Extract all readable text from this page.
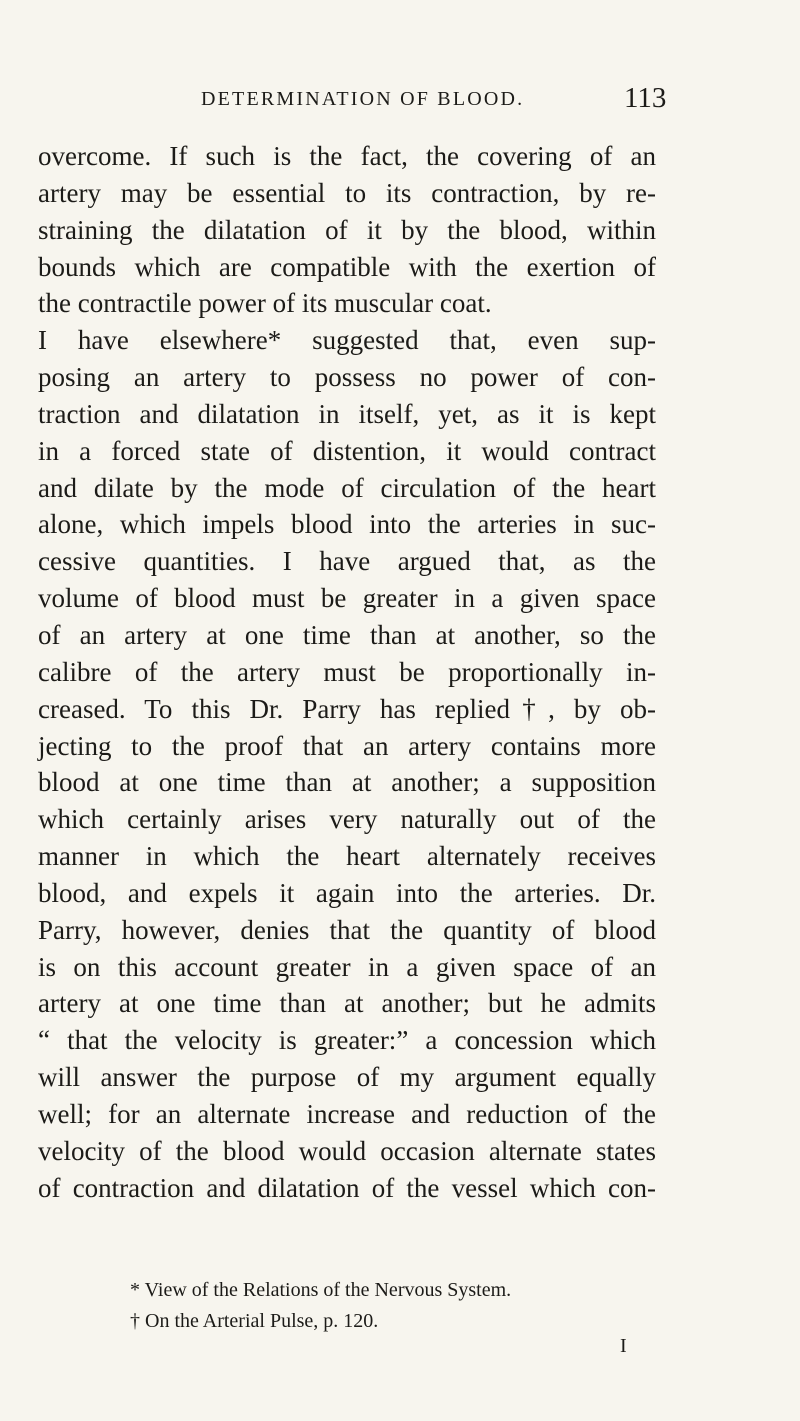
DETERMINATION OF BLOOD.	113
overcome. If such is the fact, the covering of an
artery may be essential to its contraction, by re-
straining the dilatation of it by the blood, within
bounds which are compatible with the exertion of
the contractile power of its muscular coat.
I have elsewhere* suggested that, even sup-
posing an artery to possess no power of con-
traction and dilatation in itself, yet, as it is kept
in a forced state of distention, it would contract
and dilate by the mode of circulation of the heart
alone, which impels blood into the arteries in suc-
cessive quantities. I have argued that, as the
volume of blood must be greater in a given space
of an artery at one time than at another, so the
calibre of the artery must be proportionally in-
creased. To this Dr. Parry has replied†, by ob-
jecting to the proof that an artery contains more
blood at one time than at another; a supposition
which certainly arises very naturally out of the
manner in which the heart alternately receives
blood, and expels it again into the arteries. Dr.
Parry, however, denies that the quantity of blood
is on this account greater in a given space of an
artery at one time than at another; but he admits
“ that the velocity is greater:” a concession which
will answer the purpose of my argument equally
well; for an alternate increase and reduction of the
velocity of the blood would occasion alternate states
of contraction and dilatation of the vessel which con-
* View of the Relations of the Nervous System.
† On the Arterial Pulse, p. 120.
I
